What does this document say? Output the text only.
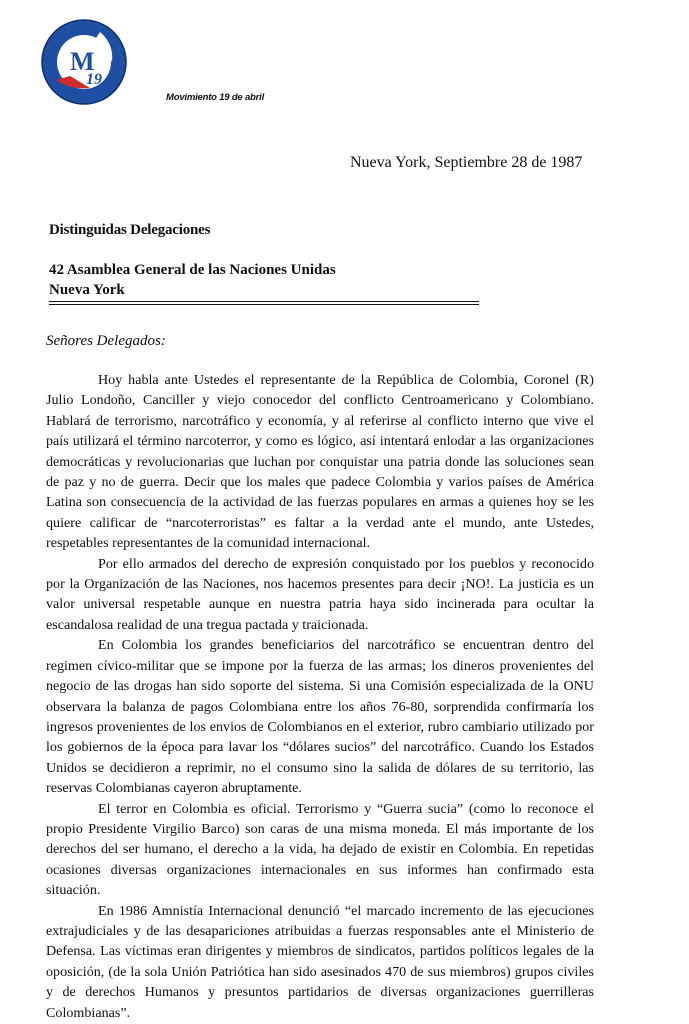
M
19
Movimiento 19 de abril
Nueva York, Septiembre 28 de 1987
Distinguidas Delegaciones
42 Asamblea General de las Naciones Unidas
Nueva York
Señores Delegados:

Hoy habla ante Ustedes el representante de la República de Colombia, Coronel (R) Julio Londoño, Canciller y viejo conocedor del conflicto Centroamericano y Colombiano. Hablará de terrorismo, narcotráfico y economía, y al referirse al conflicto interno que vive el país utilizará el término narcoterror, y como es lógico, así intentará enlodar a las organizaciones democráticas y revolucionarias que luchan por conquistar una patria donde las soluciones sean de paz y no de guerra. Decir que los males que padece Colombia y varios países de América Latina son consecuencia de la actividad de las fuerzas populares en armas a quienes hoy se les quiere calificar de “narcoterroristas” es faltar a la verdad ante el mundo, ante Ustedes, respetables representantes de la comunidad internacional.

Por ello armados del derecho de expresión conquistado por los pueblos y reconocido por la Organización de las Naciones, nos hacemos presentes para decir ¡NO!. La justicia es un valor universal respetable aunque en nuestra patria haya sido incinerada para ocultar la escandalosa realidad de una tregua pactada y traicionada.

En Colombia los grandes beneficiarios del narcotráfico se encuentran dentro del regimen cívico-militar que se impone por la fuerza de las armas; los dineros provenientes del negocio de las drogas han sido soporte del sistema. Si una Comisión especializada de la ONU observara la balanza de pagos Colombiana entre los años 76-80, sorprendida confirmaría los ingresos provenientes de los envios de Colombianos en el exterior, rubro cambiario utilizado por los gobiernos de la época para lavar los “dólares sucios” del narcotráfico. Cuando los Estados Unidos se decidieron a reprimir, no el consumo sino la salida de dólares de su territorio, las reservas Colombianas cayeron abruptamente.

El terror en Colombia es oficial. Terrorismo y “Guerra sucia” (como lo reconoce el propio Presidente Virgilio Barco) son caras de una misma moneda. El más importante de los derechos del ser humano, el derecho a la vida, ha dejado de existir en Colombia. En repetidas ocasiones diversas organizaciones internacionales en sus informes han confirmado esta situación.

En 1986 Amnistía Internacional denunció “el marcado incremento de las ejecuciones extrajudiciales y de las desapariciones atribuidas a fuerzas responsables ante el Ministerio de Defensa. Las víctimas eran dirigentes y miembros de sindicatos, partidos políticos legales de la oposición, (de la sola Unión Patriótica han sido asesinados 470 de sus miembros) grupos civiles y de derechos Humanos y presuntos partidarios de diversas organizaciones guerrilleras Colombianas”.
